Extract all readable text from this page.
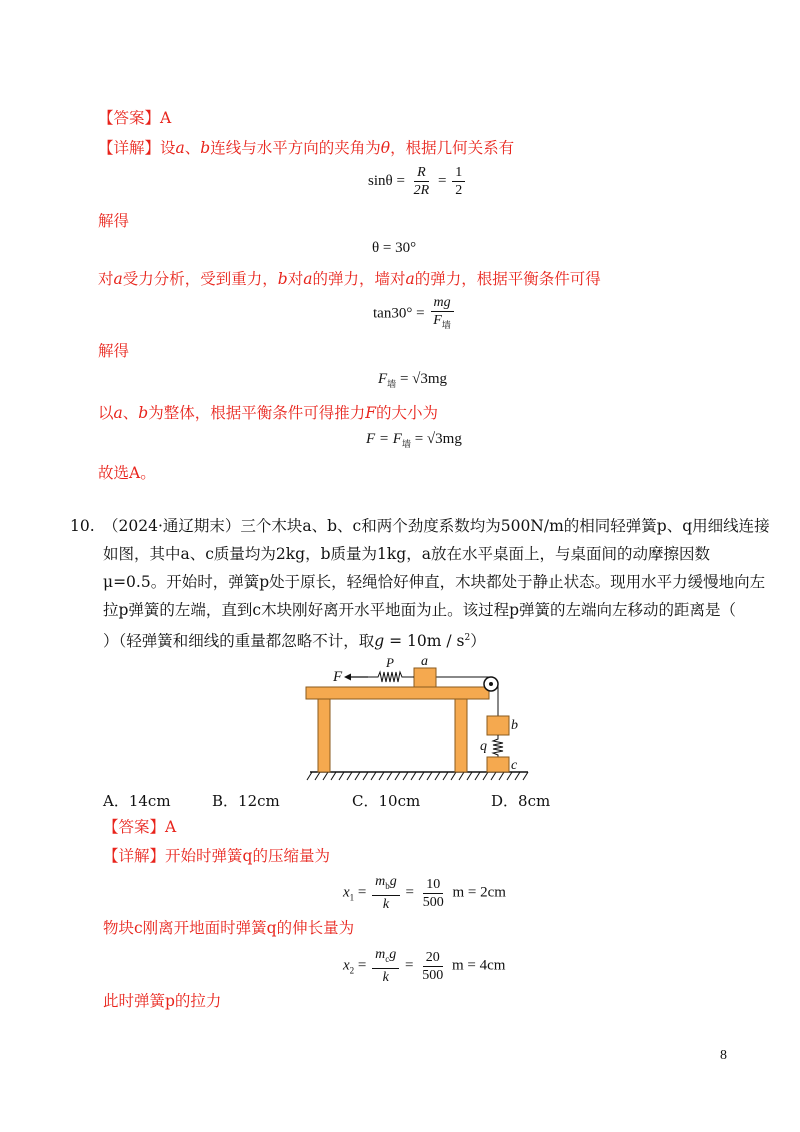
【答案】A
【详解】设a、b连线与水平方向的夹角为θ，根据几何关系有
$\sin\theta = \frac{R}{2R} = \frac{1}{2}$
解得
θ = 30°
对a受力分析，受到重力，b对a的弹力，墙对a的弹力，根据平衡条件可得
$\tan 30^\circ = \frac{mg}{F_墙}$
解得
$F_墙 = √3mg$
以a、b为整体，根据平衡条件可得推力F的大小为
$F = F_墙 = √3mg$
故选A。
10. （2024·通辽期末）三个木块a、b、c和两个劲度系数均为500N/m的相同轻弹簧p、q用细线连接
如图，其中a、c质量均为2kg，b质量为1kg，a放在水平桌面上，与桌面间的动摩擦因数
μ=0.5。开始时，弹簧p处于原长，轻绳恰好伸直，木块都处于静止状态。现用水平力缓慢地向左
拉p弹簧的左端，直到c木块刚好离开水平地面为止。该过程p弹簧的左端向左移动的距离是（
）（轻弹簧和细线的重量都忽略不计，取$g = 10m / s^2$）
F
P a
b
q
c
A．14cm	B．12cm	C．10cm	D．8cm
【答案】A
【详解】开始时弹簧q的压缩量为
$x_1 = \frac{m_bg}{k} = \frac{10}{500}$ m = 2cm
物块c刚离开地面时弹簧q的伸长量为
$x_2 = \frac{m_cg}{k} = \frac{20}{500}$ m = 4cm
此时弹簧p的拉力
8
